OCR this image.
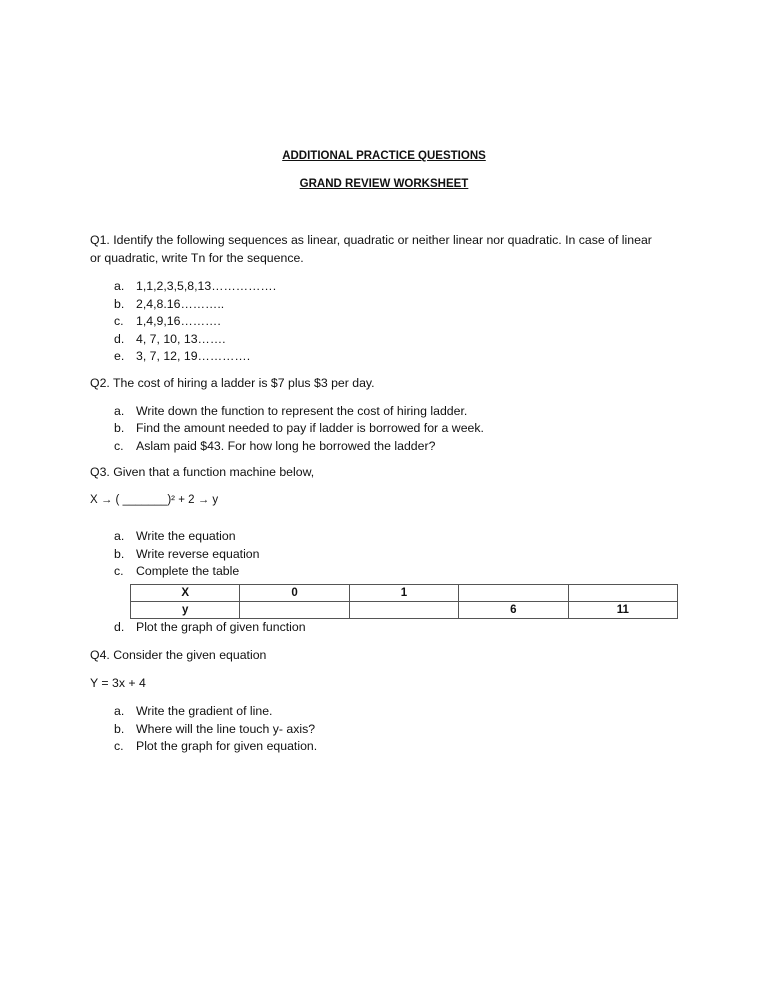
ADDITIONAL PRACTICE QUESTIONS
GRAND REVIEW WORKSHEET
Q1. Identify the following sequences as linear, quadratic or neither linear nor quadratic. In case of linear
or quadratic, write Tn for the sequence.
a. 1,1,2,3,5,8,13…………….
b. 2,4,8.16………..
c. 1,4,9,16……….
d. 4, 7, 10, 13…….
e. 3, 7, 12, 19………….
Q2. The cost of hiring a ladder is $7 plus $3 per day.
a. Write down the function to represent the cost of hiring ladder.
b. Find the amount needed to pay if ladder is borrowed for a week.
c. Aslam paid $43. For how long he borrowed the ladder?
Q3. Given that a function machine below,
X → ( _______)² + 2 → y
a. Write the equation
b. Write reverse equation
c. Complete the table
X	0	1		
y			6	11
d. Plot the graph of given function
Q4. Consider the given equation
Y = 3x + 4
a. Write the gradient of line.
b. Where will the line touch y- axis?
c. Plot the graph for given equation.
